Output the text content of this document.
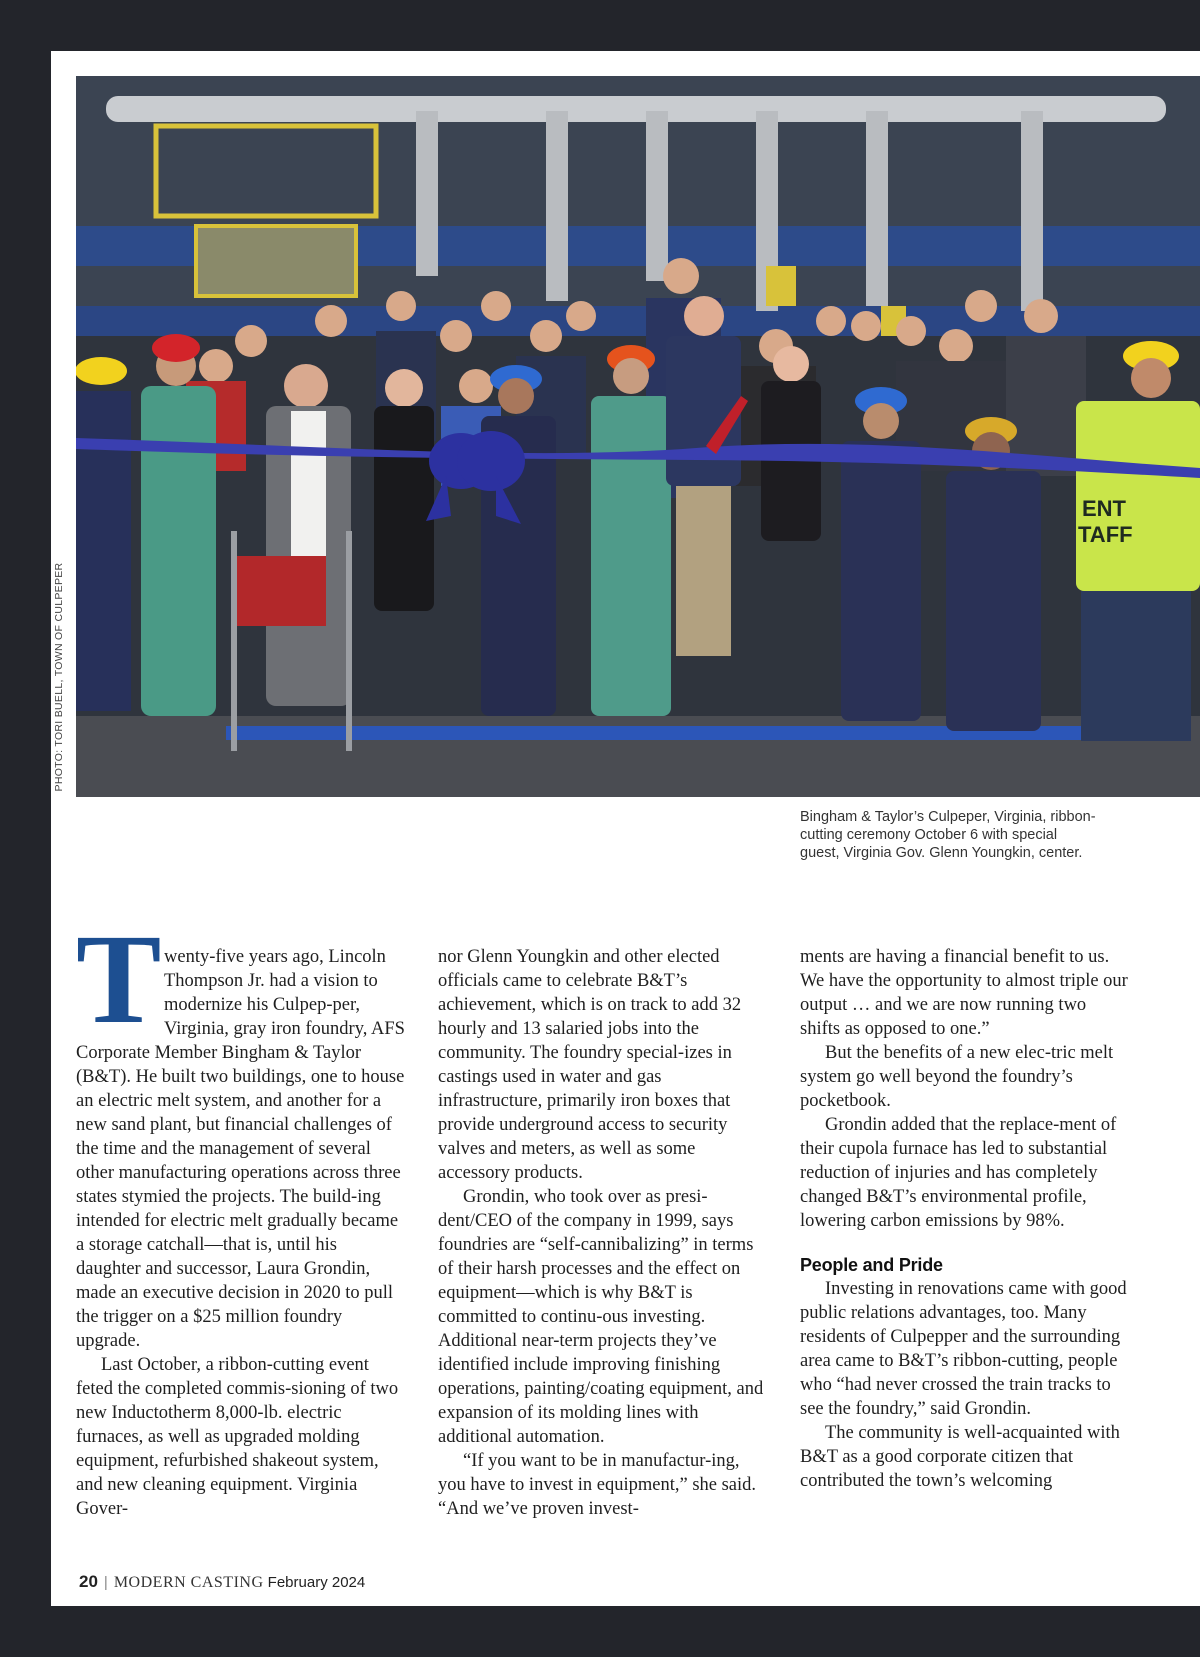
ENT
TAFF
PHOTO: TORI BUELL, TOWN OF CULPEPER
Bingham & Taylor’s Culpeper, Virginia, ribbon-cutting ceremony October 6 with special guest, Virginia Gov. Glenn Youngkin, center.
T wenty-five years ago, Lincoln Thompson Jr. had a vision to modernize his Culpep-per, Virginia, gray iron foundry, AFS Corporate Member Bingham & Taylor (B&T). He built two buildings, one to house an electric melt system, and another for a new sand plant, but financial challenges of the time and the management of several other manufacturing operations across three states stymied the projects. The build-ing intended for electric melt gradually became a storage catchall—that is, until his daughter and successor, Laura Grondin, made an executive decision in 2020 to pull the trigger on a $25 million foundry upgrade.

Last October, a ribbon-cutting event feted the completed commis-sioning of two new Inductotherm 8,000-lb. electric furnaces, as well as upgraded molding equipment, refurbished shakeout system, and new cleaning equipment. Virginia Gover-

nor Glenn Youngkin and other elected officials came to celebrate B&T’s achievement, which is on track to add 32 hourly and 13 salaried jobs into the community. The foundry special-izes in castings used in water and gas infrastructure, primarily iron boxes that provide underground access to security valves and meters, as well as some accessory products.

Grondin, who took over as presi-dent/CEO of the company in 1999, says foundries are “self-cannibalizing” in terms of their harsh processes and the effect on equipment—which is why B&T is committed to continu-ous investing. Additional near-term projects they’ve identified include improving finishing operations, painting/coating equipment, and expansion of its molding lines with additional automation.

“If you want to be in manufactur-ing, you have to invest in equipment,” she said. “And we’ve proven invest-

ments are having a financial benefit to us. We have the opportunity to almost triple our output … and we are now running two shifts as opposed to one.”

But the benefits of a new elec-tric melt system go well beyond the foundry’s pocketbook.

Grondin added that the replace-ment of their cupola furnace has led to substantial reduction of injuries and has completely changed B&T’s environmental profile, lowering carbon emissions by 98%.

People and Pride

Investing in renovations came with good public relations advantages, too. Many residents of Culpepper and the surrounding area came to B&T’s ribbon-cutting, people who “had never crossed the train tracks to see the foundry,” said Grondin.

The community is well-acquainted with B&T as a good corporate citizen that contributed the town’s welcoming

20 | MODERN CASTING February 2024
